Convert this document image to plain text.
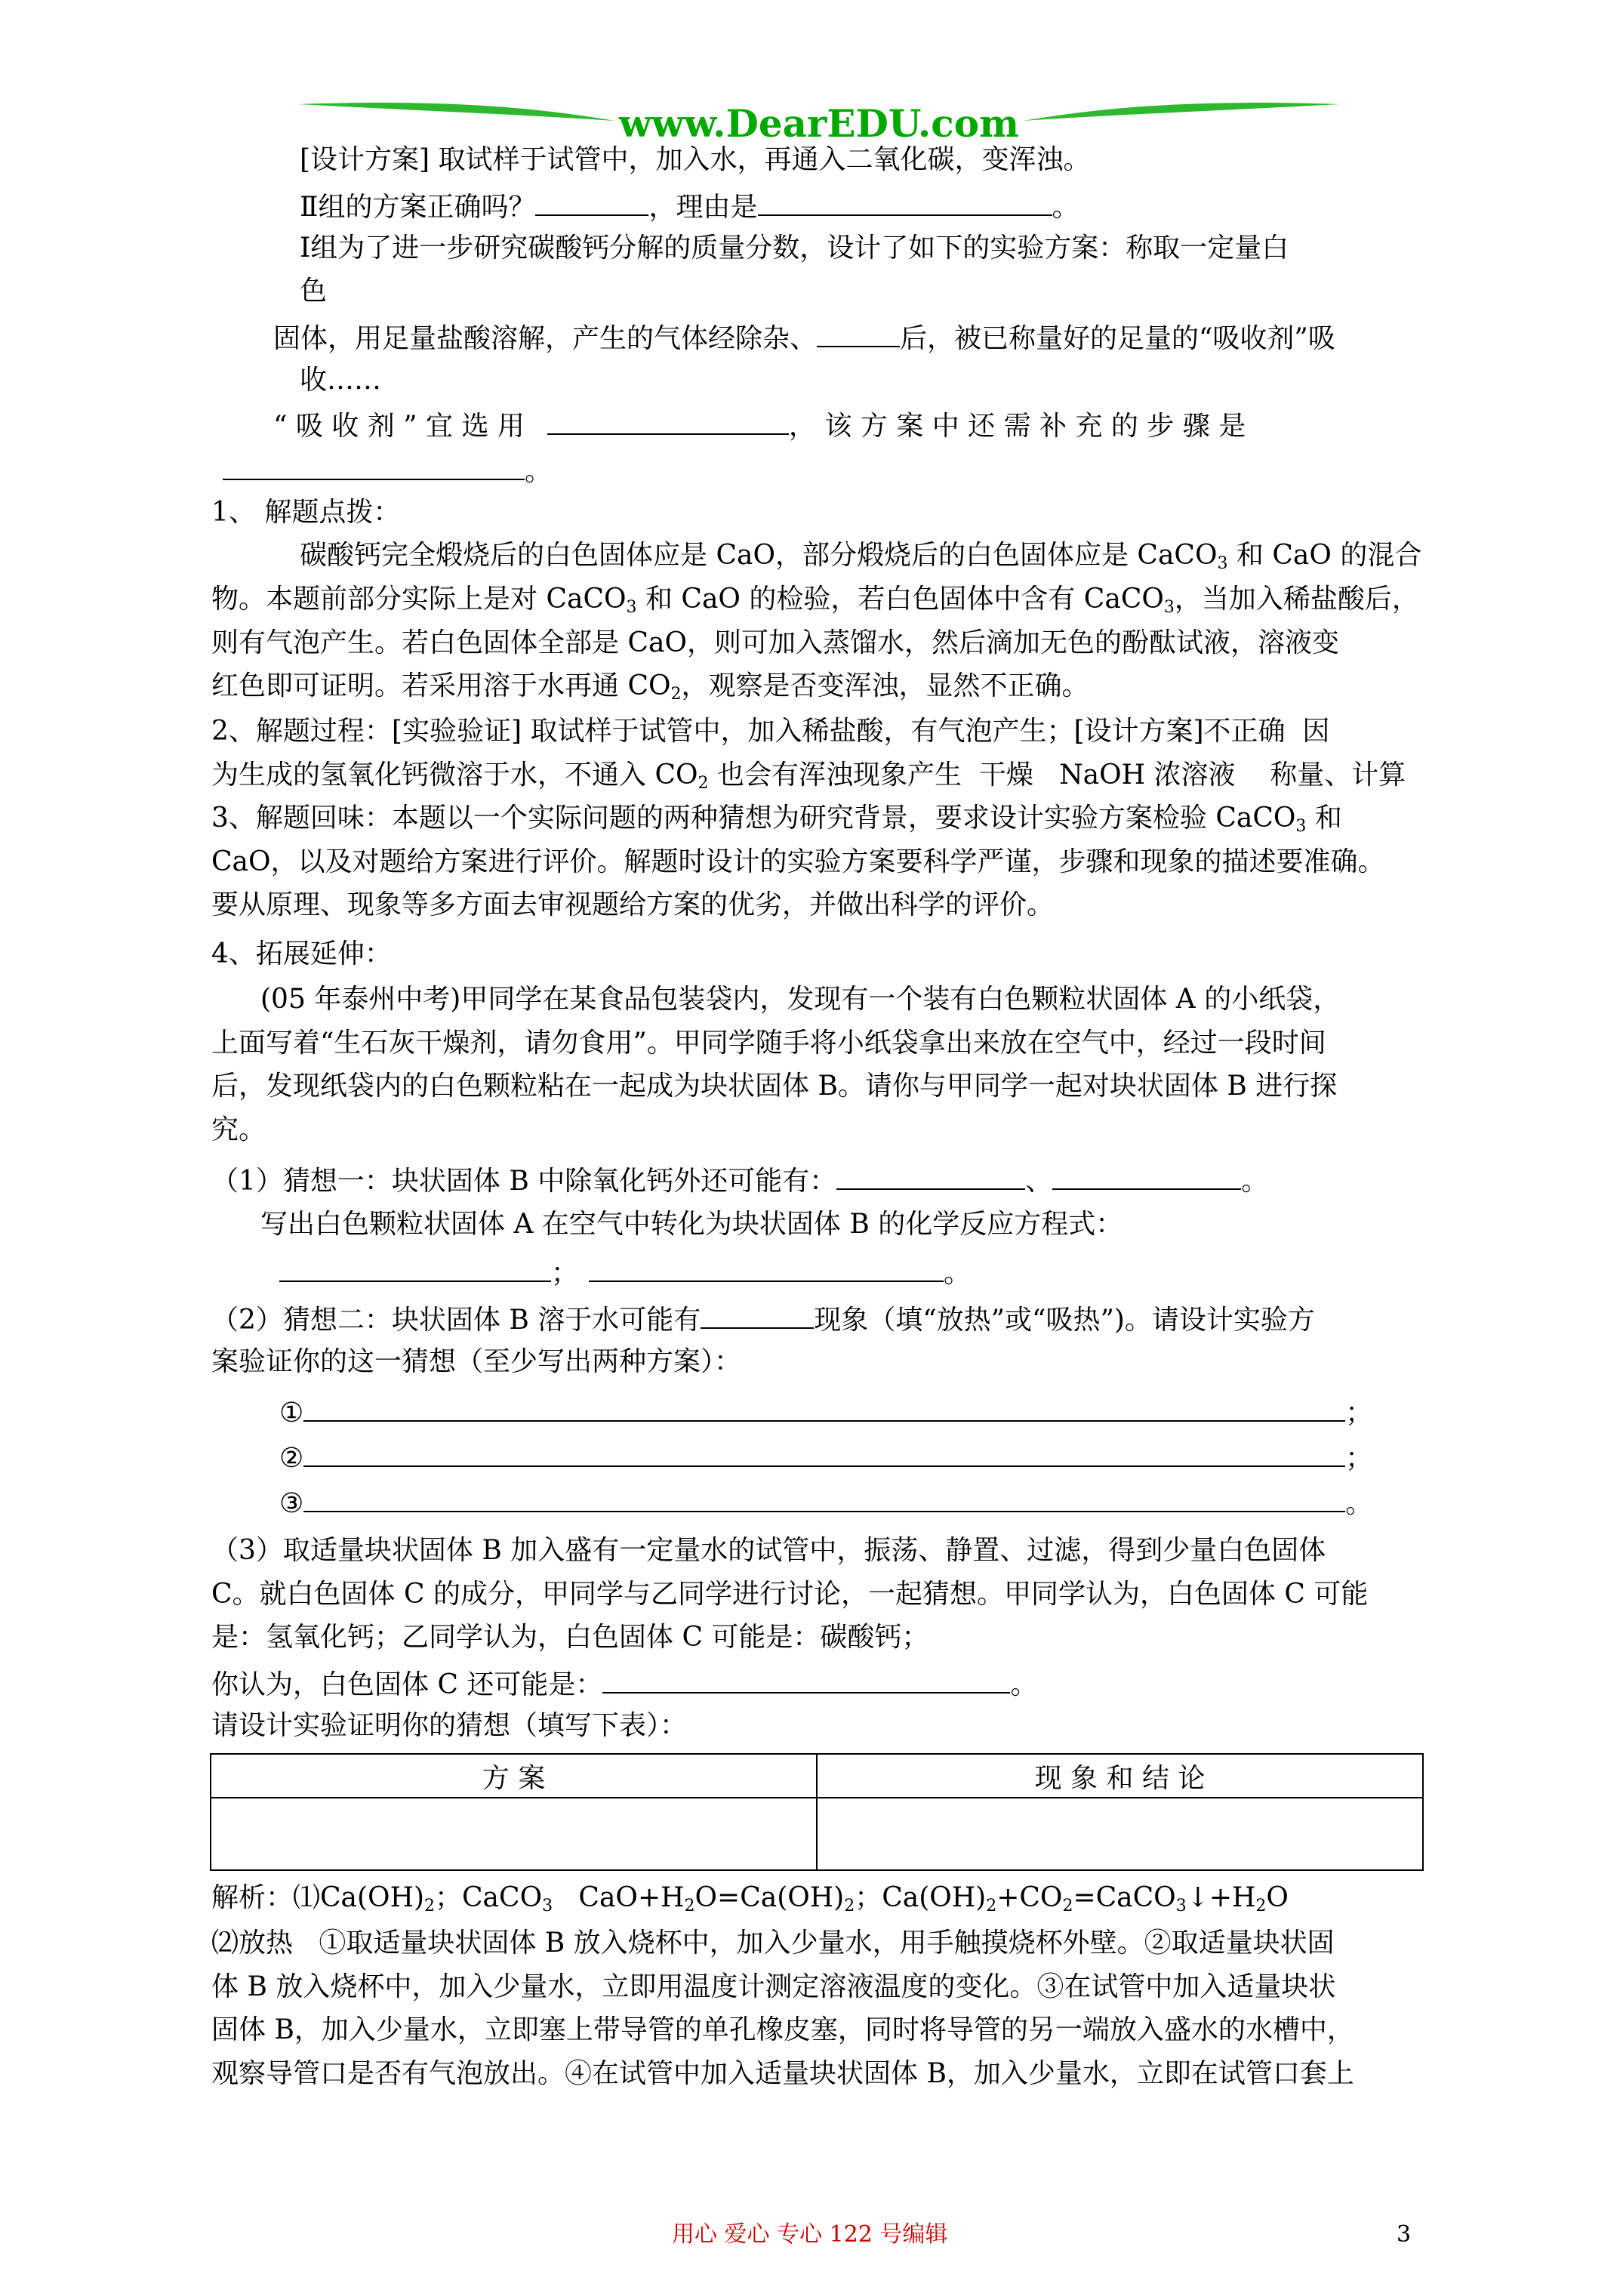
www.DearEDU.com
[设计方案] 取试样于试管中，加入水，再通入二氧化碳，变浑浊。
Ⅱ组的方案正确吗？	，理由是	。
Ⅰ组为了进一步研究碳酸钙分解的质量分数，设计了如下的实验方案：称取一定量白
色
固体，用足量盐酸溶解，产生的气体经除杂、	后，被已称量好的足量的“吸收剂”吸
收……
“ 吸 收 剂 ” 宜 选 用	， 该 方 案 中 还 需 补 充 的 步 骤 是
。
1、 解题点拨：
碳酸钙完全煅烧后的白色固体应是 CaO，部分煅烧后的白色固体应是 CaCO$_3$ 和 CaO 的混合
物。本题前部分实际上是对 CaCO$_3$ 和 CaO 的检验，若白色固体中含有 CaCO$_3$，当加入稀盐酸后，
则有气泡产生。若白色固体全部是 CaO，则可加入蒸馏水，然后滴加无色的酚酞试液，溶液变
红色即可证明。若采用溶于水再通 $CO_2$，观察是否变浑浊，显然不正确。
2、解题过程：[实验验证] 取试样于试管中，加入稀盐酸，有气泡产生；[设计方案]不正确  因
为生成的氢氧化钙微溶于水，不通入 $CO_2$ 也会有浑浊现象产生  干燥   NaOH 浓溶液    称量、计算
3、解题回味：本题以一个实际问题的两种猜想为研究背景，要求设计实验方案检验 CaCO$_3$ 和
CaO，以及对题给方案进行评价。解题时设计的实验方案要科学严谨，步骤和现象的描述要准确。
要从原理、现象等多方面去审视题给方案的优劣，并做出科学的评价。
4、拓展延伸：
(05 年泰州中考)甲同学在某食品包装袋内，发现有一个装有白色颗粒状固体 A 的小纸袋，
上面写着“生石灰干燥剂，请勿食用”。甲同学随手将小纸袋拿出来放在空气中，经过一段时间
后，发现纸袋内的白色颗粒粘在一起成为块状固体 B。请你与甲同学一起对块状固体 B 进行探
究。
（1）猜想一：块状固体 B 中除氧化钙外还可能有：	、	。
写出白色颗粒状固体 A 在空气中转化为块状固体 B 的化学反应方程式：
；	。
（2）猜想二：块状固体 B 溶于水可能有	现象（填“放热”或“吸热”)。请设计实验方
案验证你的这一猜想（至少写出两种方案）：
①	；
②	；
③	。
（3）取适量块状固体 B 加入盛有一定量水的试管中，振荡、静置、过滤，得到少量白色固体
C。就白色固体 C 的成分，甲同学与乙同学进行讨论，一起猜想。甲同学认为，白色固体 C 可能
是：氢氧化钙；乙同学认为，白色固体 C 可能是：碳酸钙；
你认为，白色固体 C 还可能是：	。
请设计实验证明你的猜想（填写下表）：
方 案	现 象 和 结 论

解析：$⑴Ca(OH)_2$；CaCO$_3$   $CaO+H_2O=Ca(OH)_2$；$Ca(OH)_2+CO_2=CaCO_3↓+H_2O$
⑵放热   ①取适量块状固体 B 放入烧杯中，加入少量水，用手触摸烧杯外壁。②取适量块状固
体 B 放入烧杯中，加入少量水，立即用温度计测定溶液温度的变化。③在试管中加入适量块状
固体 B，加入少量水，立即塞上带导管的单孔橡皮塞，同时将导管的另一端放入盛水的水槽中，
观察导管口是否有气泡放出。④在试管中加入适量块状固体 B，加入少量水，立即在试管口套上
用心 爱心 专心 122 号编辑	3
